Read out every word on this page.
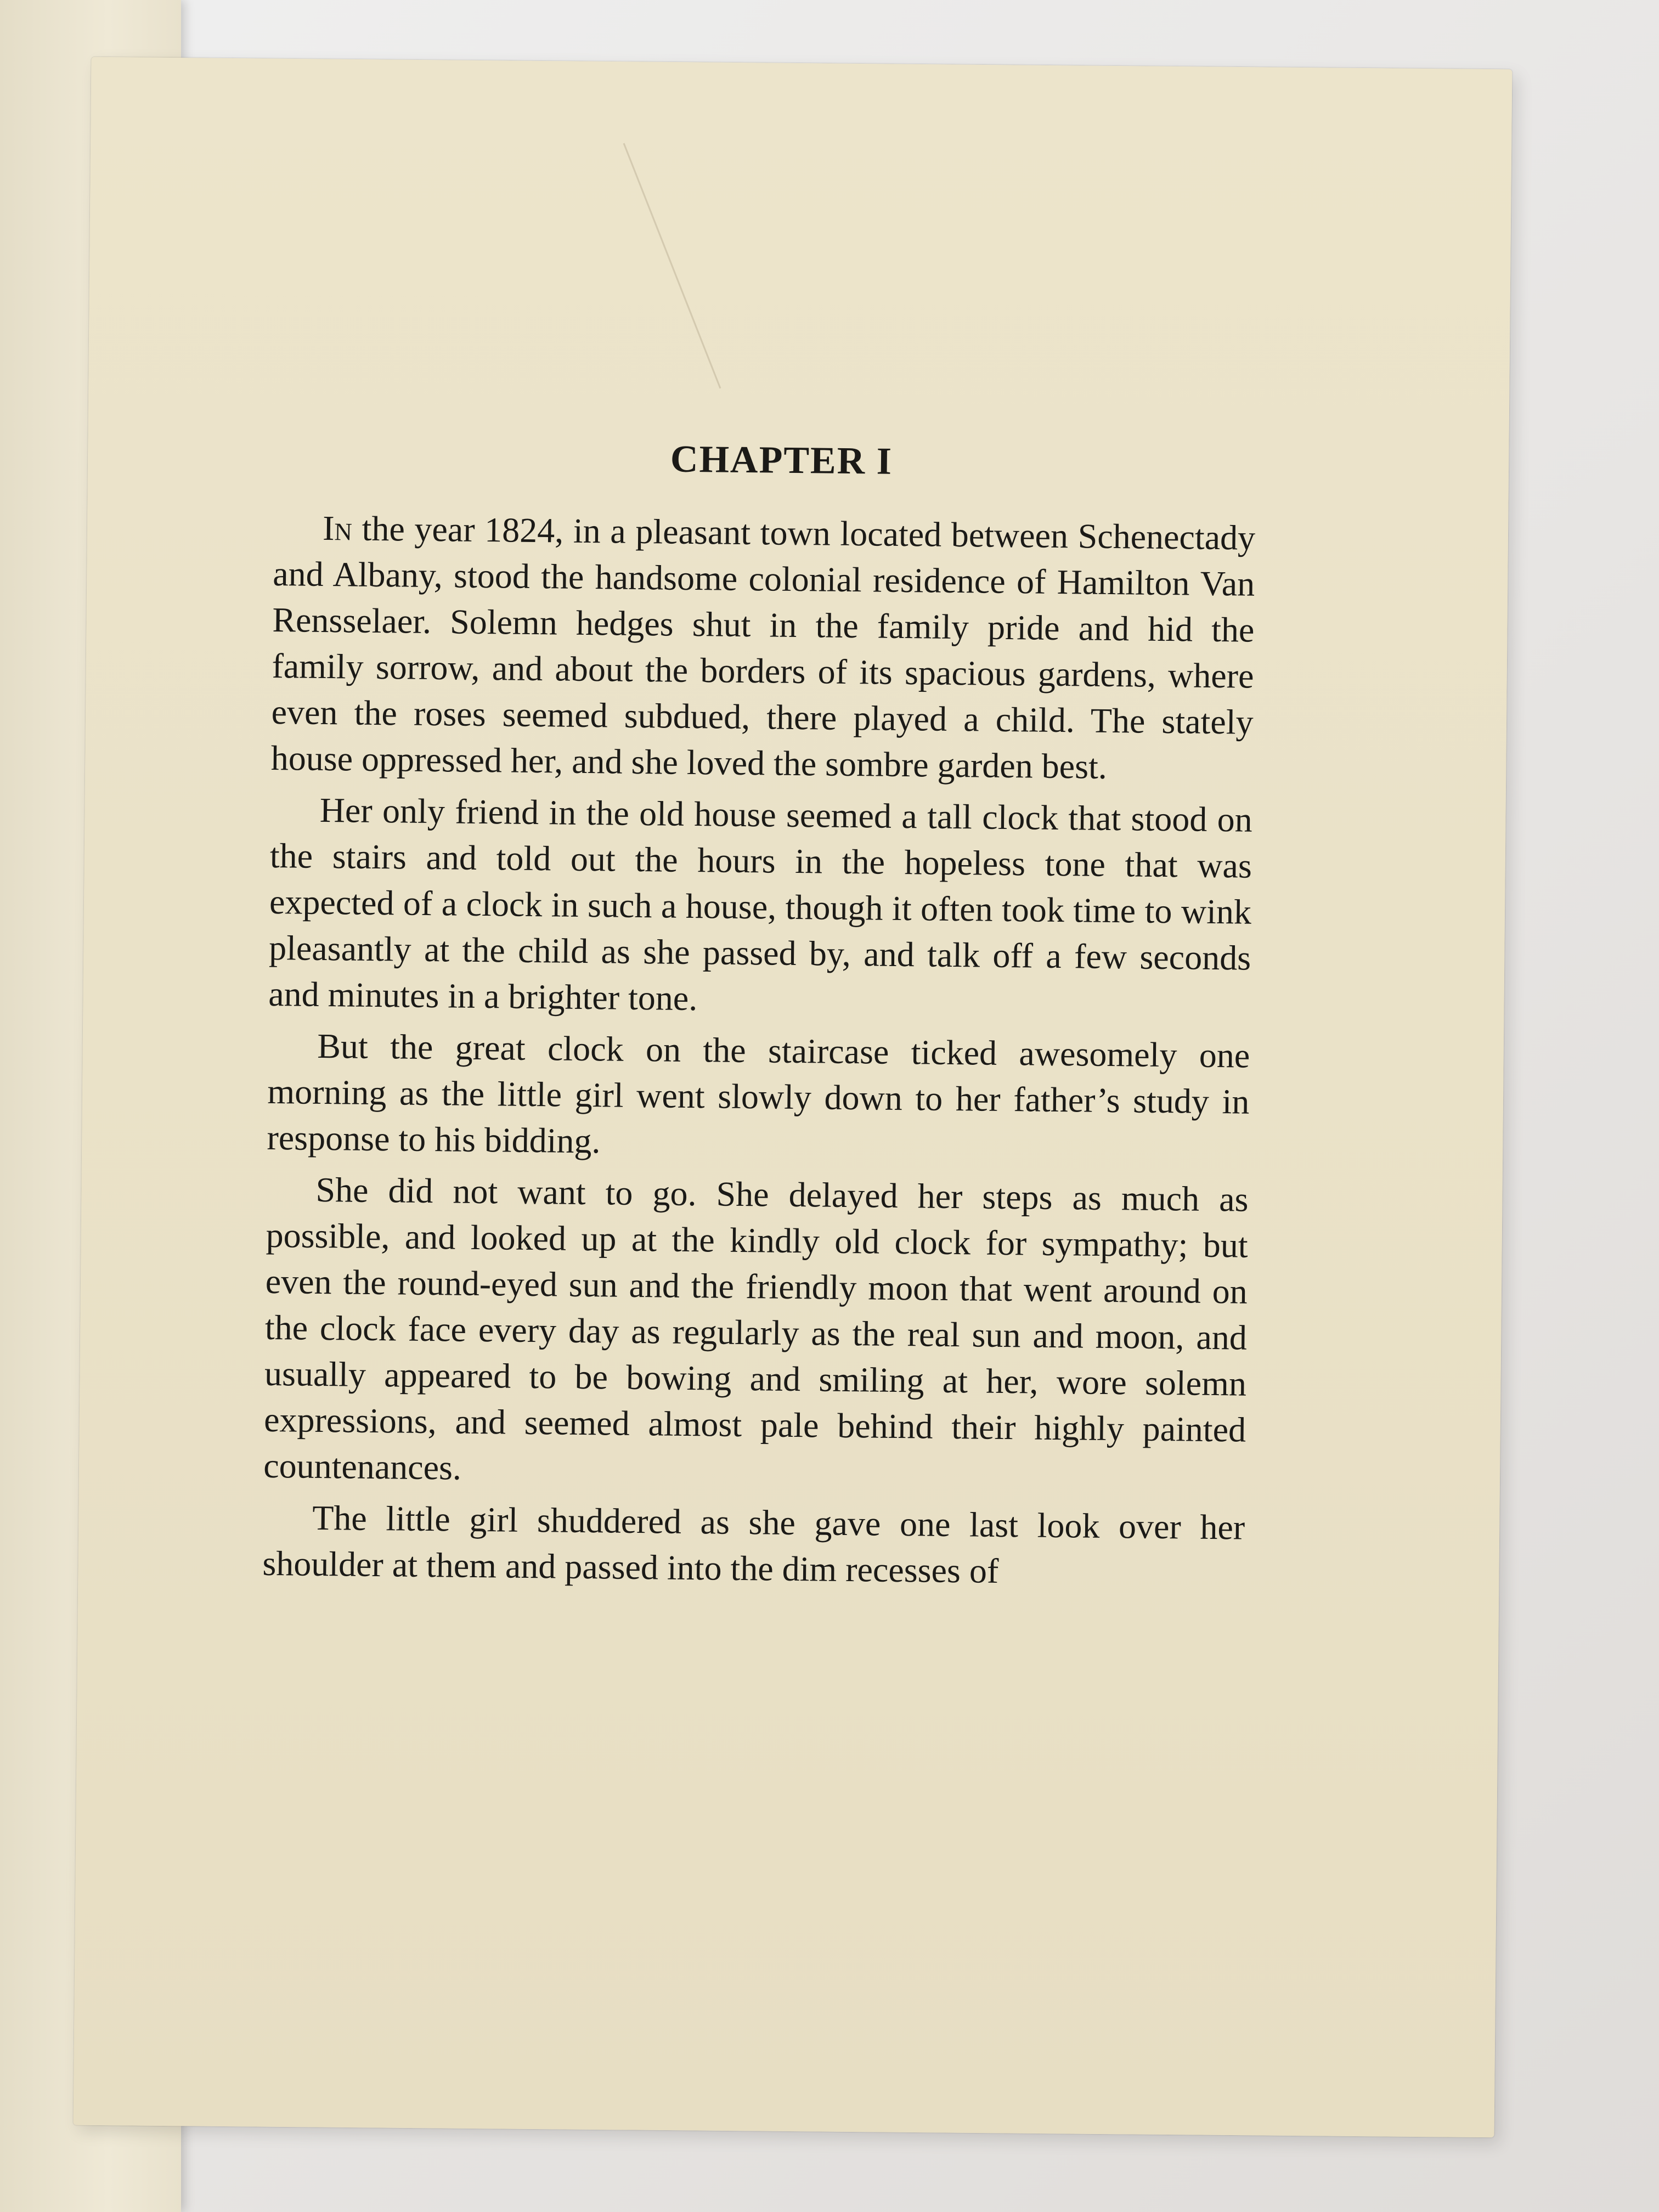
CHAPTER I

In the year 1824, in a pleasant town located between Schenectady and Albany, stood the handsome colonial residence of Hamilton Van Rensselaer. Solemn hedges shut in the family pride and hid the family sorrow, and about the borders of its spacious gardens, where even the roses seemed subdued, there played a child. The stately house oppressed her, and she loved the sombre garden best.

Her only friend in the old house seemed a tall clock that stood on the stairs and told out the hours in the hopeless tone that was expected of a clock in such a house, though it often took time to wink pleasantly at the child as she passed by, and talk off a few seconds and minutes in a brighter tone.

But the great clock on the staircase ticked awesomely one morning as the little girl went slowly down to her father’s study in response to his bidding.

She did not want to go. She delayed her steps as much as possible, and looked up at the kindly old clock for sympathy; but even the round-eyed sun and the friendly moon that went around on the clock face every day as regularly as the real sun and moon, and usually appeared to be bowing and smiling at her, wore solemn expressions, and seemed almost pale behind their highly painted countenances.

The little girl shuddered as she gave one last look over her shoulder at them and passed into the dim recesses of
